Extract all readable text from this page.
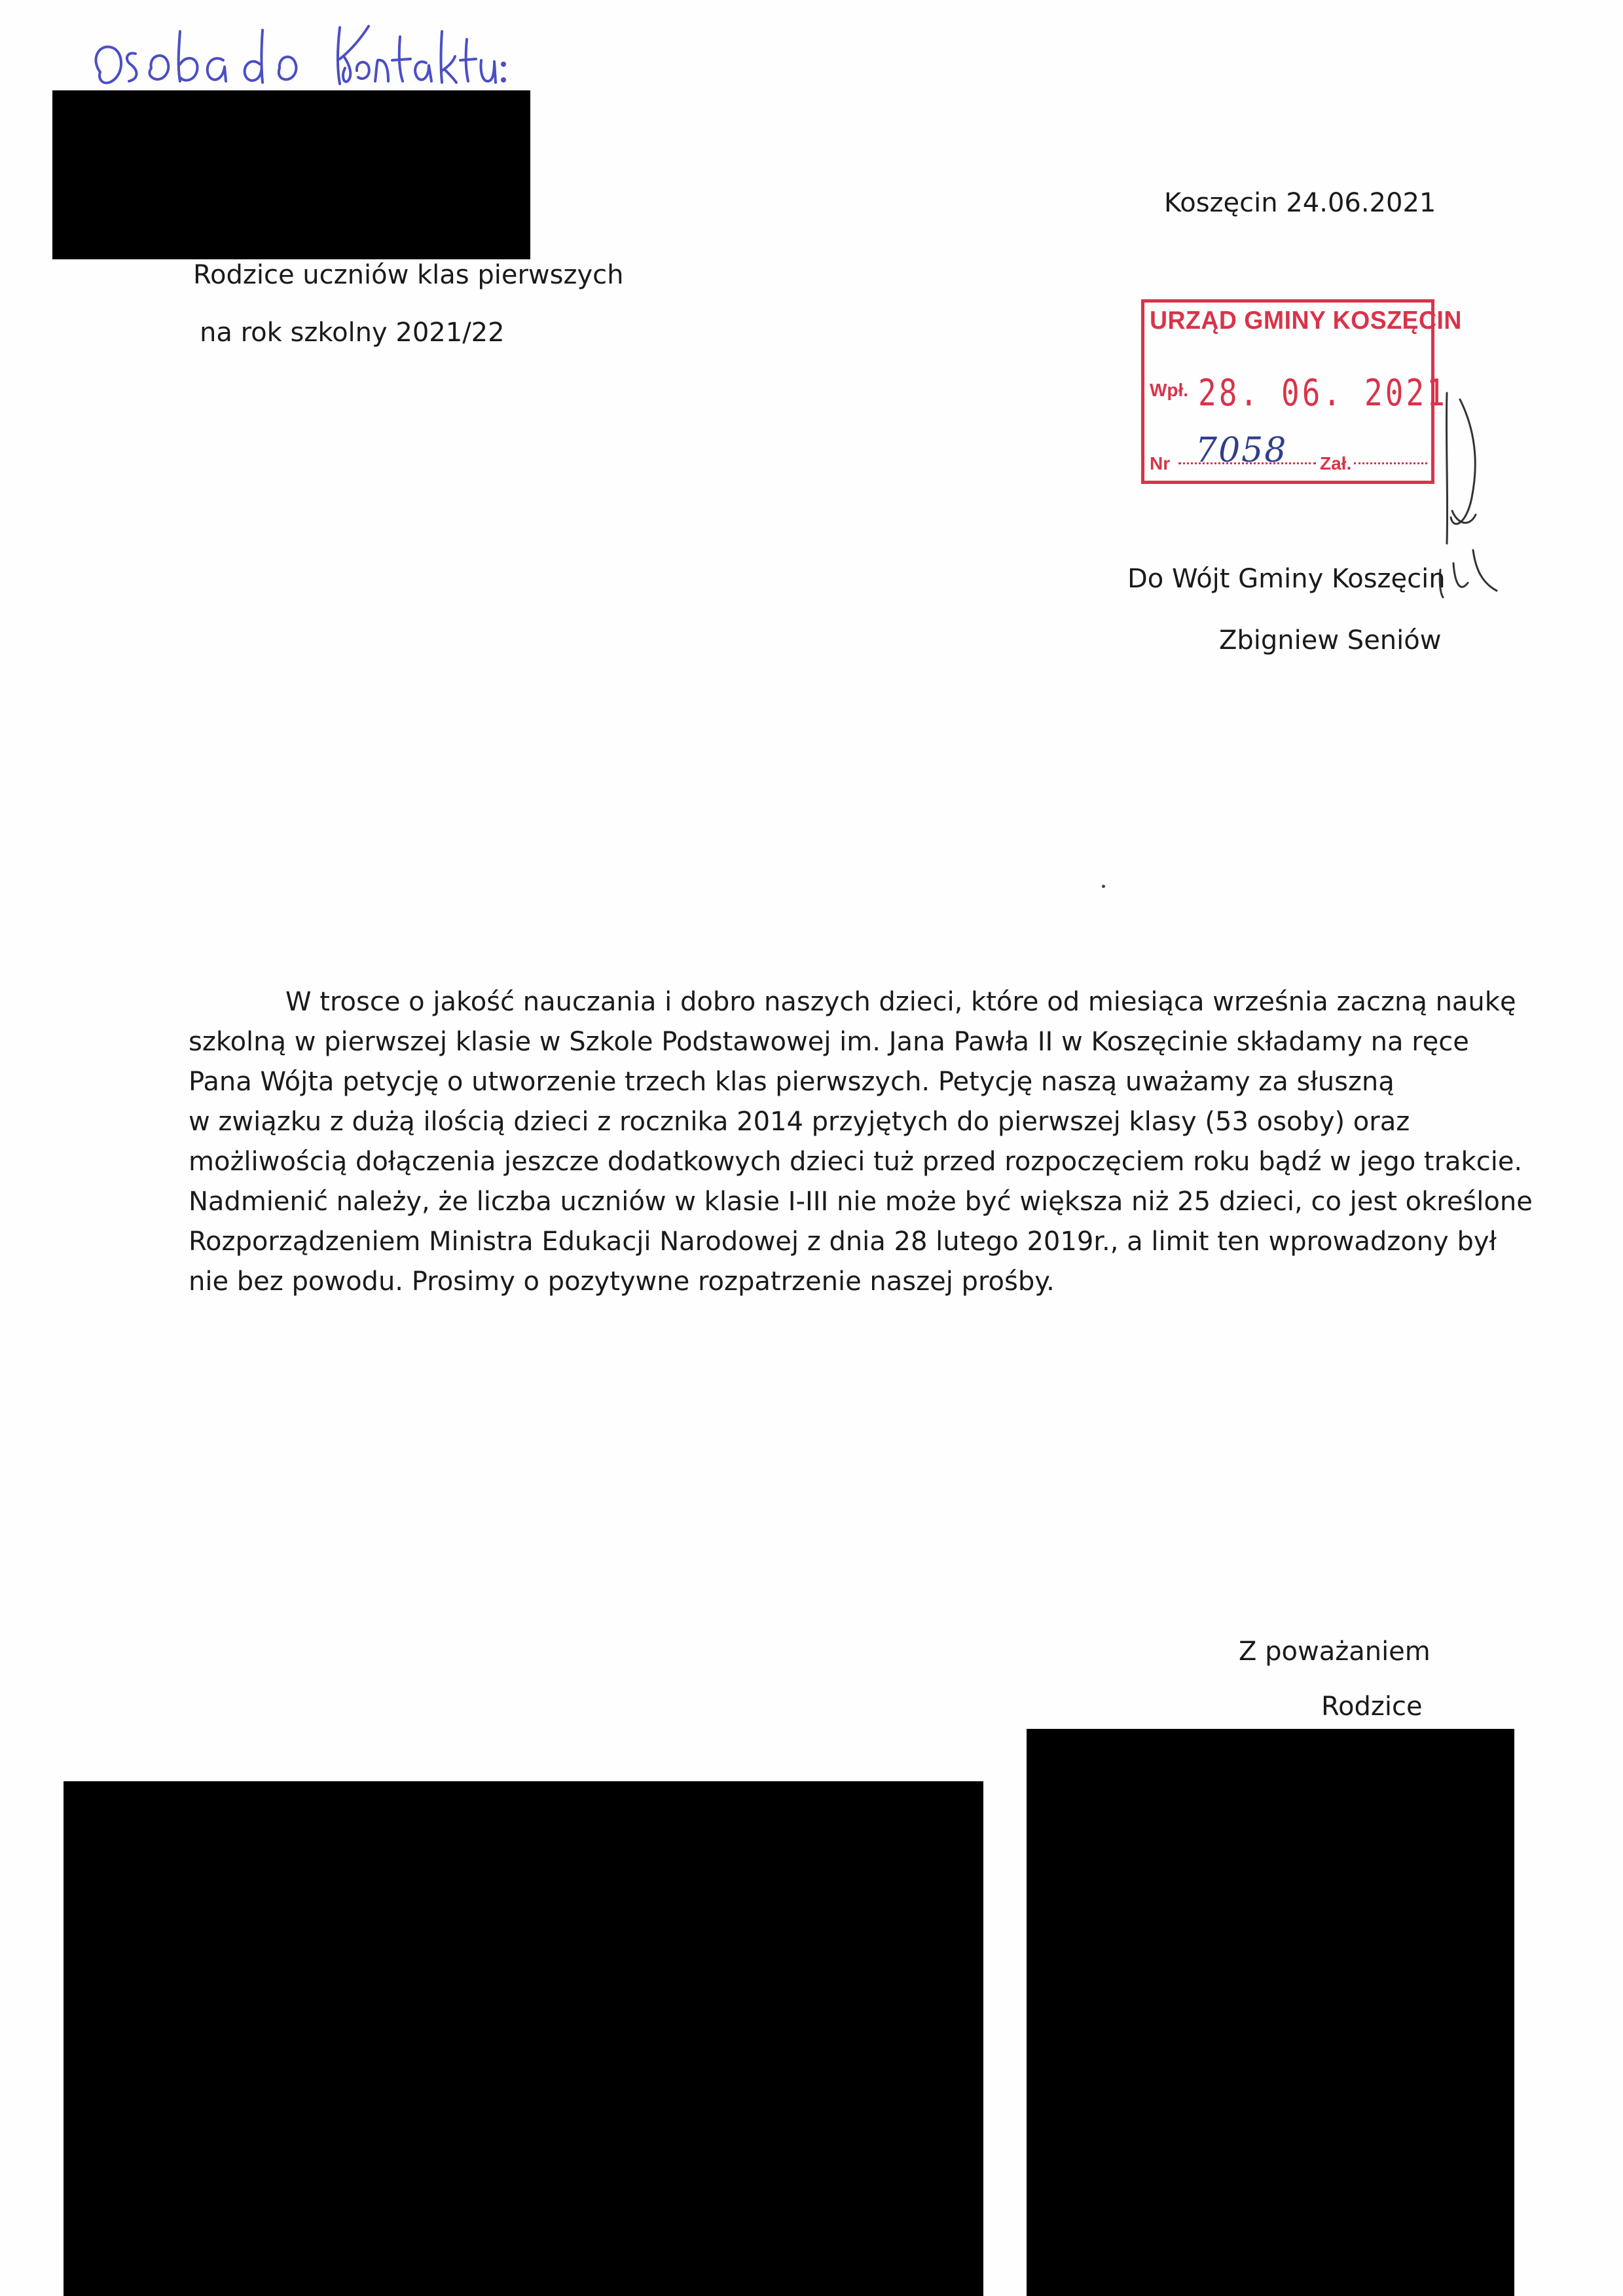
Koszęcin 24.06.2021
Rodzice uczniów klas pierwszych
na rok szkolny 2021/22	URZĄD GMINY KOSZĘCIN
Wpł. 28. 06. 2021
Nr 7058 Zał.
Do Wójt Gminy Koszęcin
Zbigniew Seniów
W trosce o jakość nauczania i dobro naszych dzieci, które od miesiąca września zaczną naukę
szkolną w pierwszej klasie w Szkole Podstawowej im. Jana Pawła II w Koszęcinie składamy na ręce
Pana Wójta petycję o utworzenie trzech klas pierwszych. Petycję naszą uważamy za słuszną
w związku z dużą ilością dzieci z rocznika 2014 przyjętych do pierwszej klasy (53 osoby) oraz
możliwością dołączenia jeszcze dodatkowych dzieci tuż przed rozpoczęciem roku bądź w jego trakcie.
Nadmienić należy, że liczba uczniów w klasie I-III nie może być większa niż 25 dzieci, co jest określone
Rozporządzeniem Ministra Edukacji Narodowej z dnia 28 lutego 2019r., a limit ten wprowadzony był
nie bez powodu. Prosimy o pozytywne rozpatrzenie naszej prośby.
Z poważaniem
Rodzice
